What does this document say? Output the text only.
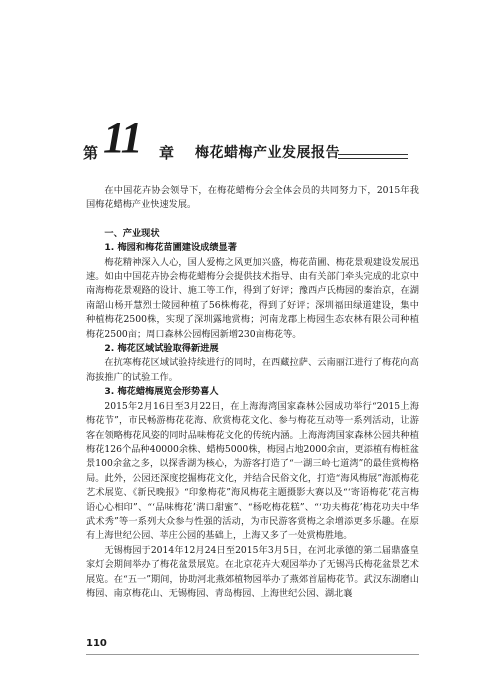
第 11 章 梅花蜡梅产业发展报告

在中国花卉协会领导下，在梅花蜡梅分会全体会员的共同努力下，2015年我国梅花蜡梅产业快速发展。

一、产业现状
1. 梅园和梅花苗圃建设成绩显著

梅花精神深入人心，国人爱梅之风更加兴盛，梅花苗圃、梅花景观建设发展迅速。如由中国花卉协会梅花蜡梅分会提供技术指导、由有关部门牵头完成的北京中南海梅花景观路的设计、施工等工作，得到了好评；豫西卢氏梅园的秦治京，在湖南韶山杨开慧烈士陵园种植了56株梅花，得到了好评；深圳福田绿道建设，集中种植梅花2500株，实现了深圳露地赏梅；河南龙郡上梅园生态农林有限公司种植梅花2500亩；周口森林公园梅园新增230亩梅花等。

2. 梅花区域试验取得新进展

在抗寒梅花区域试验持续进行的同时，在西藏拉萨、云南丽江进行了梅花向高海拔推广的试验工作。

3. 梅花蜡梅展览会形势喜人

2015年2月16日至3月22日，在上海海湾国家森林公园成功举行“2015上海梅花节”，市民畅游梅花花海、欣赏梅花文化、参与梅花互动等一系列活动，让游客在领略梅花风姿的同时品味梅花文化的传统内涵。上海海湾国家森林公园共种植梅花126个品种40000余株、蜡梅5000株，梅园占地2000余亩，更添植有梅桩盆景100余盆之多，以探香湖为核心，为游客打造了“一湖三岭七道湾”的最佳赏梅格局。此外，公园还深度挖掘梅花文化，并结合民俗文化，打造“海风梅展”海派梅花艺术展览、《新民晚报》“印象梅花”海风梅花主题摄影大赛以及“‘寄语梅花’花言梅语心心相印”、“‘品味梅花’满口甜蜜”、“杨吃梅花糕”、“‘功夫梅花’梅花功夫中华武术秀”等一系列大众参与性强的活动，为市民游客赏梅之余增添更多乐趣。在原有上海世纪公园、莘庄公园的基础上，上海又多了一处赏梅胜地。

无锡梅园于2014年12月24日至2015年3月5日，在河北承德的第二届鼎盛皇家灯会期间举办了梅花盆景展览。在北京花卉大观园举办了无锡冯氏梅花盆景艺术展览。在“五一”期间，协助河北燕郊植物园举办了燕郊首届梅花节。武汉东湖磨山梅园、南京梅花山、无锡梅园、青岛梅园、上海世纪公园、湖北襄

110
